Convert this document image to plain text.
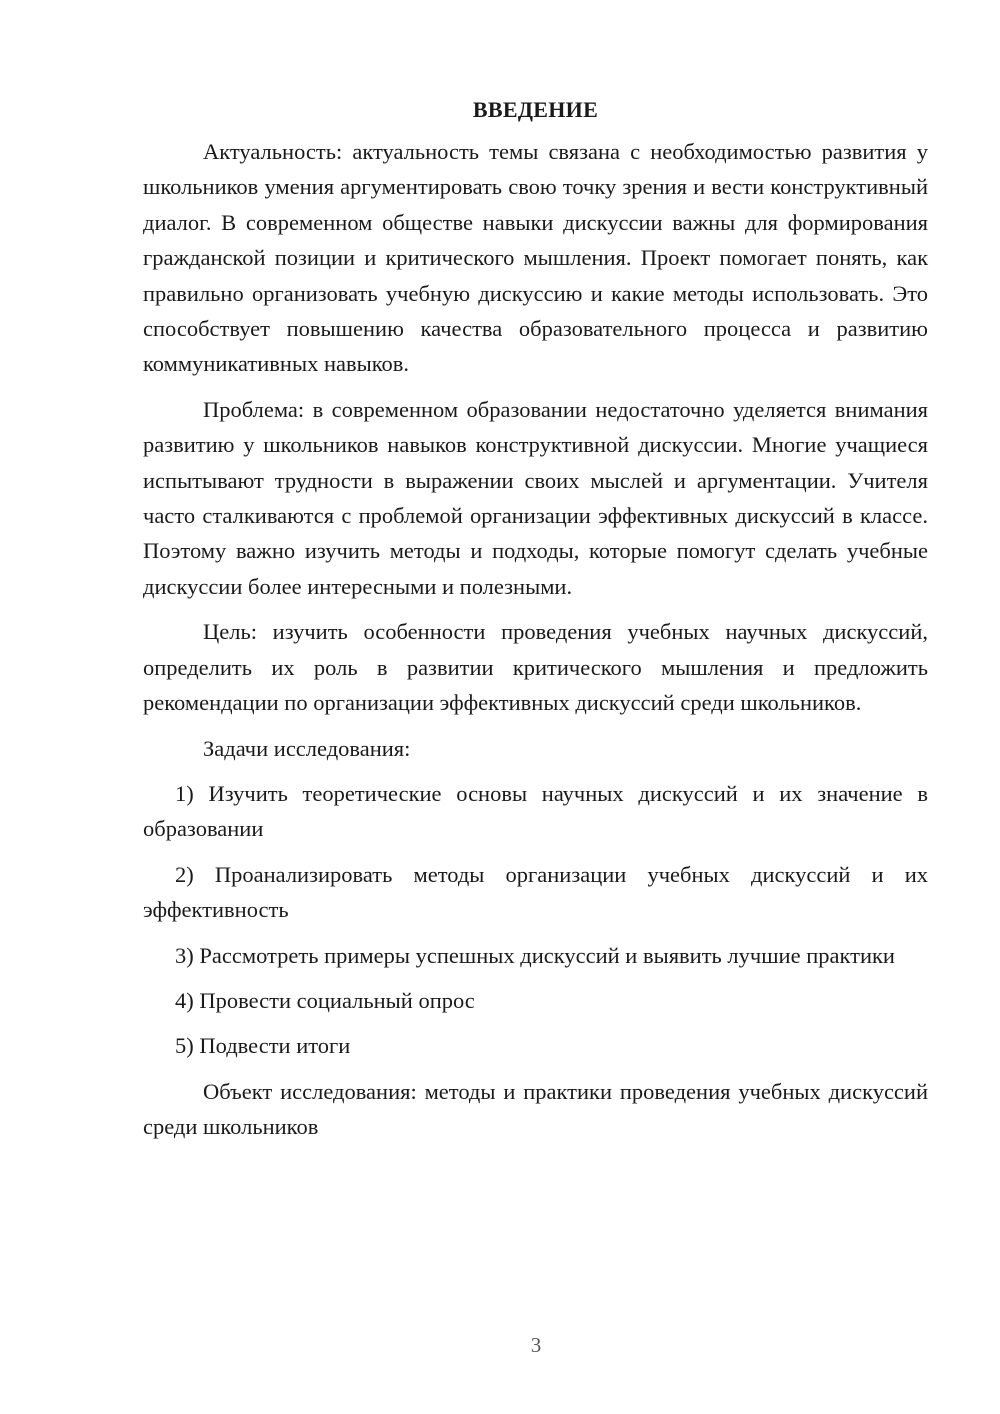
ВВЕДЕНИЕ

Актуальность: актуальность темы связана с необходимостью развития у школьников умения аргументировать свою точку зрения и вести конструктивный диалог. В современном обществе навыки дискуссии важны для формирования гражданской позиции и критического мышления. Проект помогает понять, как правильно организовать учебную дискуссию и какие методы использовать. Это способствует повышению качества образовательного процесса и развитию коммуникативных навыков.

Проблема: в современном образовании недостаточно уделяется внимания развитию у школьников навыков конструктивной дискуссии. Многие учащиеся испытывают трудности в выражении своих мыслей и аргументации. Учителя часто сталкиваются с проблемой организации эффективных дискуссий в классе. Поэтому важно изучить методы и подходы, которые помогут сделать учебные дискуссии более интересными и полезными.

Цель: изучить особенности проведения учебных научных дискуссий, определить их роль в развитии критического мышления и предложить рекомендации по организации эффективных дискуссий среди школьников.

Задачи исследования:

1) Изучить теоретические основы научных дискуссий и их значение в образовании

2) Проанализировать методы организации учебных дискуссий и их эффективность

3) Рассмотреть примеры успешных дискуссий и выявить лучшие практики

4) Провести социальный опрос

5) Подвести итоги

Объект исследования: методы и практики проведения учебных дискуссий среди школьников

3
